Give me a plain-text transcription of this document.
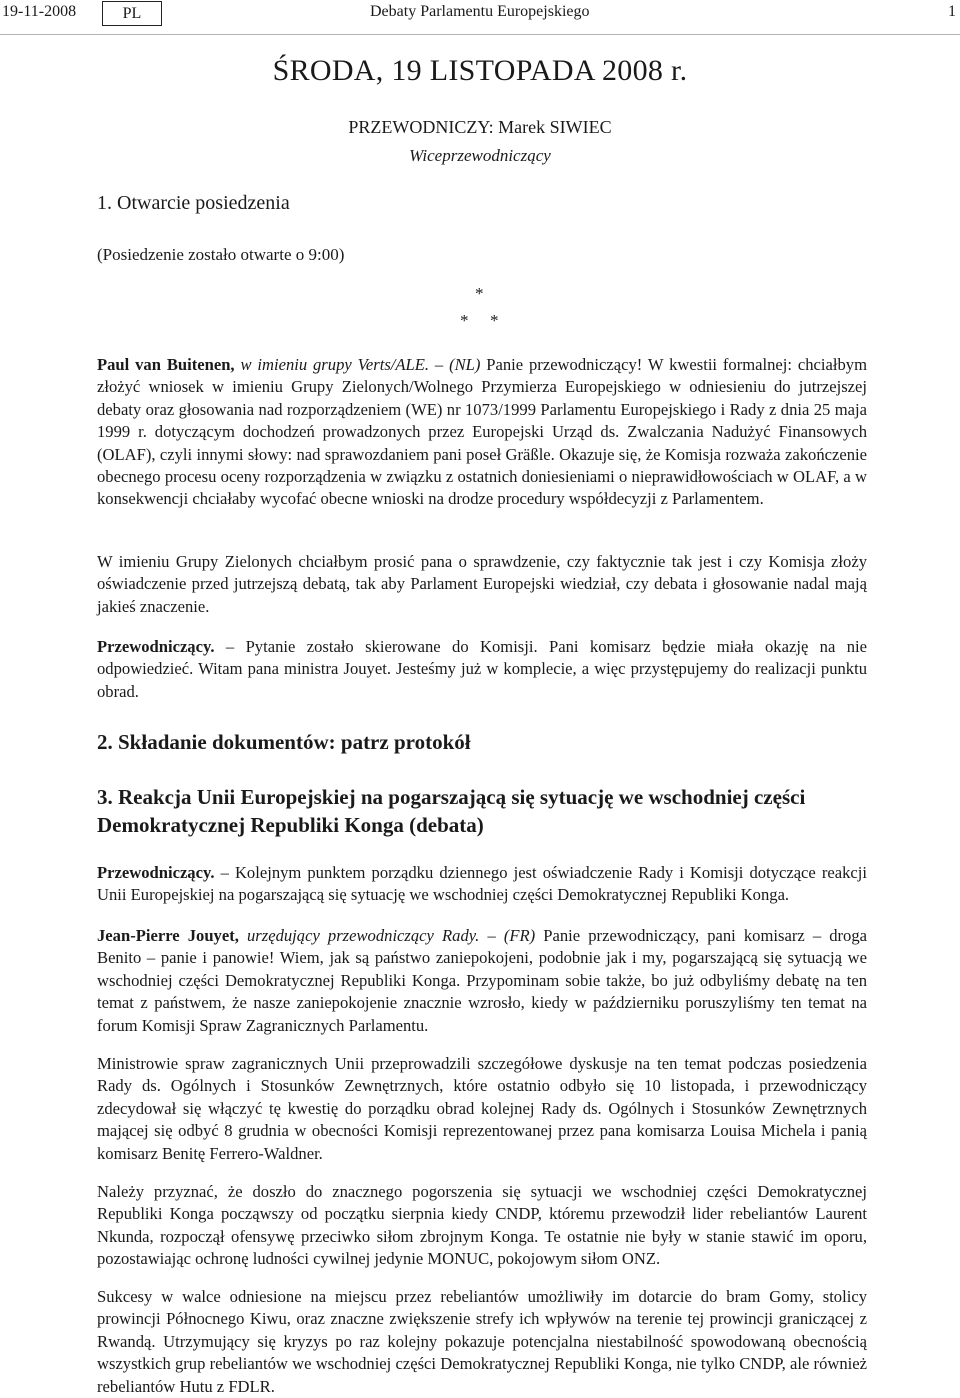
19-11-2008	PL	Debaty Parlamentu Europejskiego	1
ŚRODA, 19 LISTOPADA 2008 r.
PRZEWODNICZY: Marek SIWIEC
Wiceprzewodniczący
1. Otwarcie posiedzenia
(Posiedzenie zostało otwarte o 9:00)
*
* *

Paul van Buitenen, w imieniu grupy Verts/ALE. – (NL) Panie przewodniczący! W kwestii formalnej: chciałbym złożyć wniosek w imieniu Grupy Zielonych/Wolnego Przymierza Europejskiego w odniesieniu do jutrzejszej debaty oraz głosowania nad rozporządzeniem (WE) nr 1073/1999 Parlamentu Europejskiego i Rady z dnia 25 maja 1999 r. dotyczącym dochodzeń prowadzonych przez Europejski Urząd ds. Zwalczania Nadużyć Finansowych (OLAF), czyli innymi słowy: nad sprawozdaniem pani poseł Gräßle. Okazuje się, że Komisja rozważa zakończenie obecnego procesu oceny rozporządzenia w związku z ostatnich doniesieniami o nieprawidłowościach w OLAF, a w konsekwencji chciałaby wycofać obecne wnioski na drodze procedury współdecyzji z Parlamentem.

W imieniu Grupy Zielonych chciałbym prosić pana o sprawdzenie, czy faktycznie tak jest i czy Komisja złoży oświadczenie przed jutrzejszą debatą, tak aby Parlament Europejski wiedział, czy debata i głosowanie nadal mają jakieś znaczenie.

Przewodniczący. – Pytanie zostało skierowane do Komisji. Pani komisarz będzie miała okazję na nie odpowiedzieć. Witam pana ministra Jouyet. Jesteśmy już w komplecie, a więc przystępujemy do realizacji punktu obrad.

2. Składanie dokumentów: patrz protokół
3. Reakcja Unii Europejskiej na pogarszającą się sytuację we wschodniej części
Demokratycznej Republiki Konga (debata)

Przewodniczący. – Kolejnym punktem porządku dziennego jest oświadczenie Rady i Komisji dotyczące reakcji Unii Europejskiej na pogarszającą się sytuację we wschodniej części Demokratycznej Republiki Konga.

Jean-Pierre Jouyet, urzędujący przewodniczący Rady. – (FR) Panie przewodniczący, pani komisarz – droga Benito – panie i panowie! Wiem, jak są państwo zaniepokojeni, podobnie jak i my, pogarszającą się sytuacją we wschodniej części Demokratycznej Republiki Konga. Przypominam sobie także, bo już odbyliśmy debatę na ten temat z państwem, że nasze zaniepokojenie znacznie wzrosło, kiedy w październiku poruszyliśmy ten temat na forum Komisji Spraw Zagranicznych Parlamentu.

Ministrowie spraw zagranicznych Unii przeprowadzili szczegółowe dyskusje na ten temat podczas posiedzenia Rady ds. Ogólnych i Stosunków Zewnętrznych, które ostatnio odbyło się 10 listopada, i przewodniczący zdecydował się włączyć tę kwestię do porządku obrad kolejnej Rady ds. Ogólnych i Stosunków Zewnętrznych mającej się odbyć 8 grudnia w obecności Komisji reprezentowanej przez pana komisarza Louisa Michela i panią komisarz Benitę Ferrero-Waldner.

Należy przyznać, że doszło do znacznego pogorszenia się sytuacji we wschodniej części Demokratycznej Republiki Konga począwszy od początku sierpnia kiedy CNDP, któremu przewodził lider rebeliantów Laurent Nkunda, rozpoczął ofensywę przeciwko siłom zbrojnym Konga. Te ostatnie nie były w stanie stawić im oporu, pozostawiając ochronę ludności cywilnej jedynie MONUC, pokojowym siłom ONZ.

Sukcesy w walce odniesione na miejscu przez rebeliantów umożliwiły im dotarcie do bram Gomy, stolicy prowincji Północnego Kiwu, oraz znaczne zwiększenie strefy ich wpływów na terenie tej prowincji graniczącej z Rwandą. Utrzymujący się kryzys po raz kolejny pokazuje potencjalna niestabilność spowodowaną obecnością wszystkich grup rebeliantów we wschodniej części Demokratycznej Republiki Konga, nie tylko CNDP, ale również rebeliantów Hutu z FDLR.
